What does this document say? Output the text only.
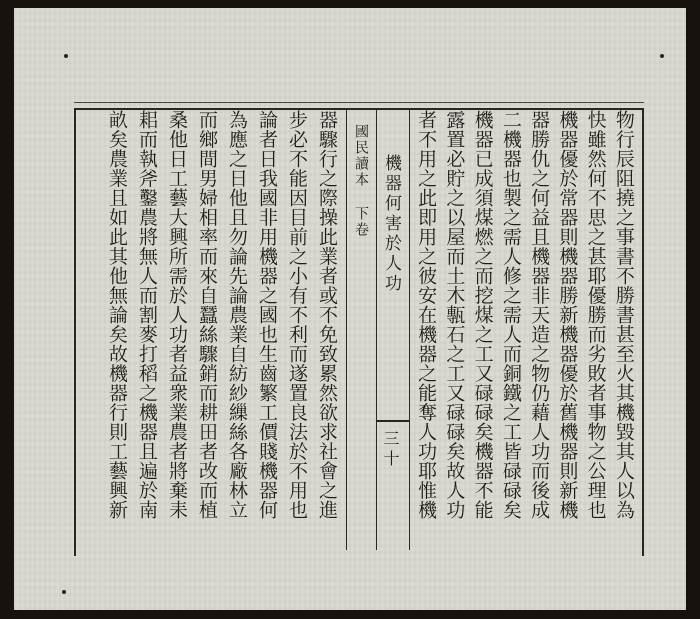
物行辰阻撓之事書不勝書甚至火其機毀其人以為
快雖然何不思之甚耶優勝而劣敗者事物之公理也
機器優於常器則機器勝新機器優於舊機器則新機
器勝仇之何益且機器非天造之物仍藉人功而後成
二機器也製之需人修之需人而銅鐵之工皆碌碌矣
機器已成須煤燃之而挖煤之工又碌碌矣機器不能
露置必貯之以屋而土木甎石之工又碌碌矣故人功
國民讀本 下卷 機器何害於人功
三十
器驟行之際操此業者或不免致累然欲求社會之進
步必不能因目前之小有不利而遂置良法於不用也
論者日我國非用機器之國也生齒繁工價賤機器何
為應之日他且勿論先論農業自紡紗繅絲各廠林立
而鄉間男婦相率而來自蠶絲驟銷而耕田者改而植
桑他日工藝大興所需於人功者益衆業農者將棄耒
耜而執斧鑿農將無人而割麥打稻之機器且遍於南
畝矣農業且如此其他無論矣故機器行則工藝興新	者不用之此即用之彼安在機器之能奪人功耶惟機
